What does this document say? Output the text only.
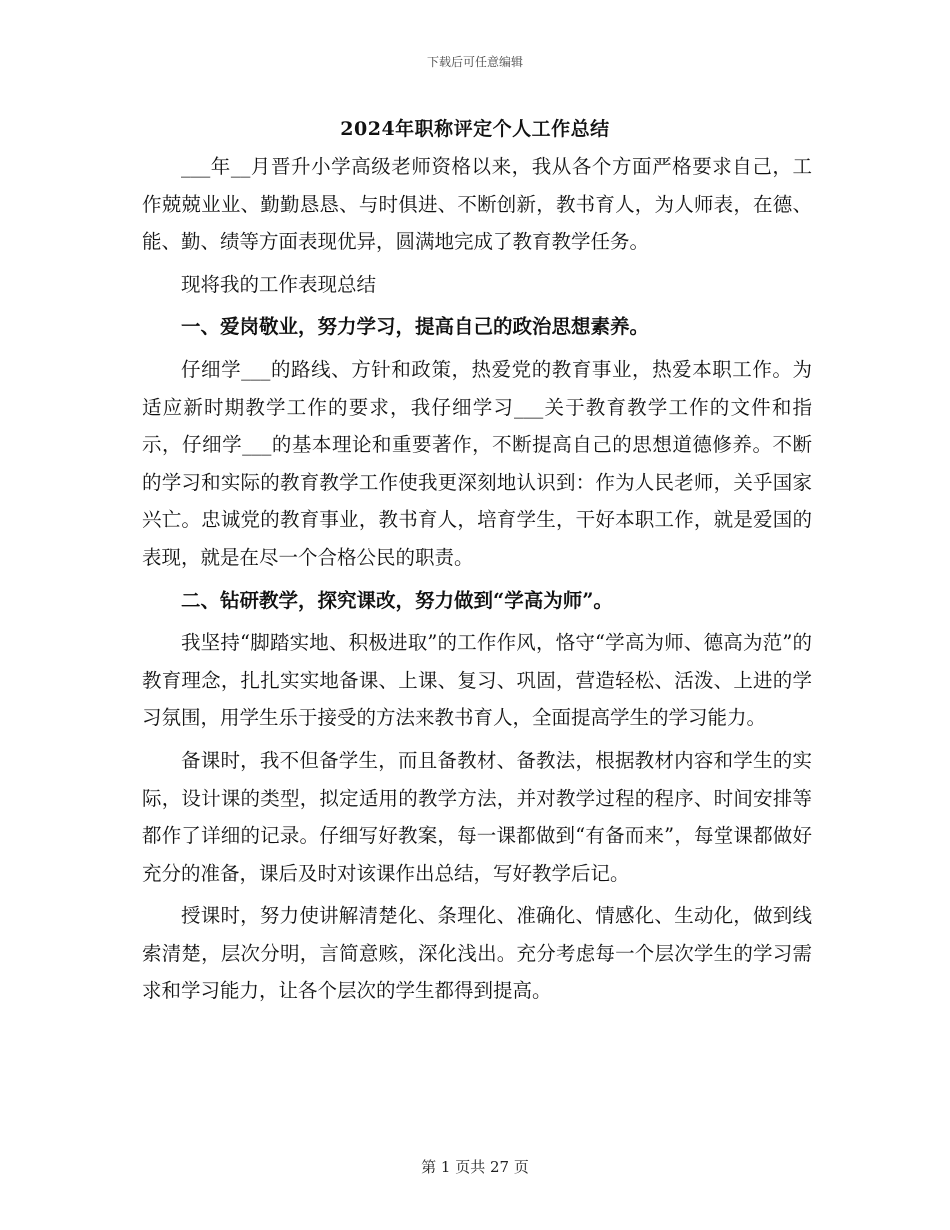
下载后可任意编辑
2024年职称评定个人工作总结

___年__月晋升小学高级老师资格以来，我从各个方面严格要求自己，工作兢兢业业、勤勤恳恳、与时俱进、不断创新，教书育人，为人师表，在德、能、勤、绩等方面表现优异，圆满地完成了教育教学任务。

现将我的工作表现总结

一、爱岗敬业，努力学习，提高自己的政治思想素养。

仔细学___的路线、方针和政策，热爱党的教育事业，热爱本职工作。为适应新时期教学工作的要求，我仔细学习___关于教育教学工作的文件和指示，仔细学___的基本理论和重要著作，不断提高自己的思想道德修养。不断的学习和实际的教育教学工作使我更深刻地认识到：作为人民老师，关乎国家兴亡。忠诚党的教育事业，教书育人，培育学生，干好本职工作，就是爱国的表现，就是在尽一个合格公民的职责。

二、钻研教学，探究课改，努力做到“学高为师”。

我坚持“脚踏实地、积极进取”的工作作风，恪守“学高为师、德高为范”的教育理念，扎扎实实地备课、上课、复习、巩固，营造轻松、活泼、上进的学习氛围，用学生乐于接受的方法来教书育人，全面提高学生的学习能力。

备课时，我不但备学生，而且备教材、备教法，根据教材内容和学生的实际，设计课的类型，拟定适用的教学方法，并对教学过程的程序、时间安排等都作了详细的记录。仔细写好教案，每一课都做到“有备而来”，每堂课都做好充分的准备，课后及时对该课作出总结，写好教学后记。

授课时，努力使讲解清楚化、条理化、准确化、情感化、生动化，做到线索清楚，层次分明，言简意赅，深化浅出。充分考虑每一个层次学生的学习需求和学习能力，让各个层次的学生都得到提高。

第 1 页共 27 页
